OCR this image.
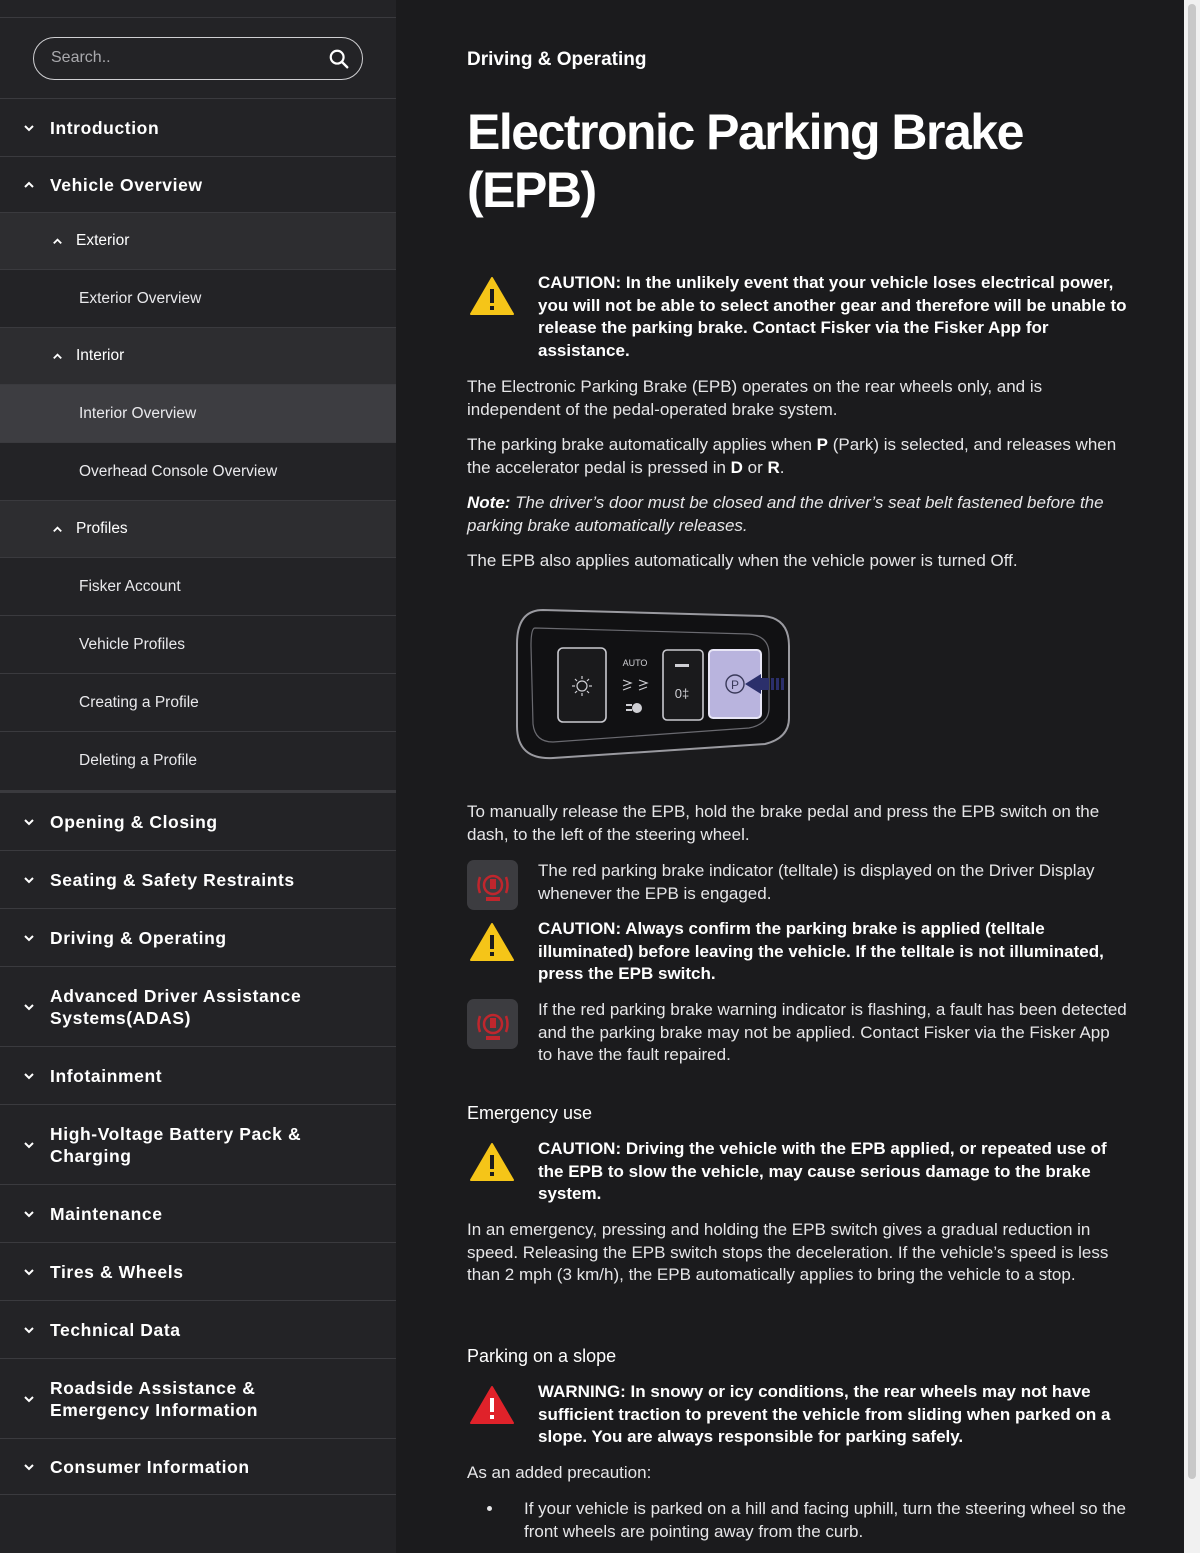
Search..
Introduction
Vehicle Overview
Exterior
Exterior Overview
Interior
Interior Overview
Overhead Console Overview
Profiles
Fisker Account
Vehicle Profiles
Creating a Profile
Deleting a Profile
Opening & Closing
Seating & Safety Restraints
Driving & Operating
Advanced Driver Assistance
Systems(ADAS)
Infotainment
High-Voltage Battery Pack &
Charging
Maintenance
Tires & Wheels
Technical Data
Roadside Assistance &
Emergency Information
Consumer Information
Driving & Operating
Electronic Parking Brake
(EPB)
CAUTION: In the unlikely event that your vehicle loses electrical power, you will not be able to select another gear and therefore will be unable to release the parking brake. Contact Fisker via the Fisker App for assistance.
The Electronic Parking Brake (EPB) operates on the rear wheels only, and is independent of the pedal-operated brake system.
The parking brake automatically applies when P (Park) is selected, and releases when the accelerator pedal is pressed in D or R.
Note: The driver’s door must be closed and the driver’s seat belt fastened before the parking brake automatically releases.
The EPB also applies automatically when the vehicle power is turned Off.
AUTO
0‡
P
To manually release the EPB, hold the brake pedal and press the EPB switch on the dash, to the left of the steering wheel.
The red parking brake indicator (telltale) is displayed on the Driver Display whenever the EPB is engaged.
CAUTION: Always confirm the parking brake is applied (telltale illuminated) before leaving the vehicle. If the telltale is not illuminated, press the EPB switch.
If the red parking brake warning indicator is flashing, a fault has been detected and the parking brake may not be applied. Contact Fisker via the Fisker App to have the fault repaired.
Emergency use
CAUTION: Driving the vehicle with the EPB applied, or repeated use of the EPB to slow the vehicle, may cause serious damage to the brake system.
In an emergency, pressing and holding the EPB switch gives a gradual reduction in speed. Releasing the EPB switch stops the deceleration. If the vehicle’s speed is less than 2 mph (3 km/h), the EPB automatically applies to bring the vehicle to a stop.
Parking on a slope
WARNING: In snowy or icy conditions, the rear wheels may not have sufficient traction to prevent the vehicle from sliding when parked on a slope. You are always responsible for parking safely.
As an added precaution:
If your vehicle is parked on a hill and facing uphill, turn the steering wheel so the front wheels are pointing away from the curb.
